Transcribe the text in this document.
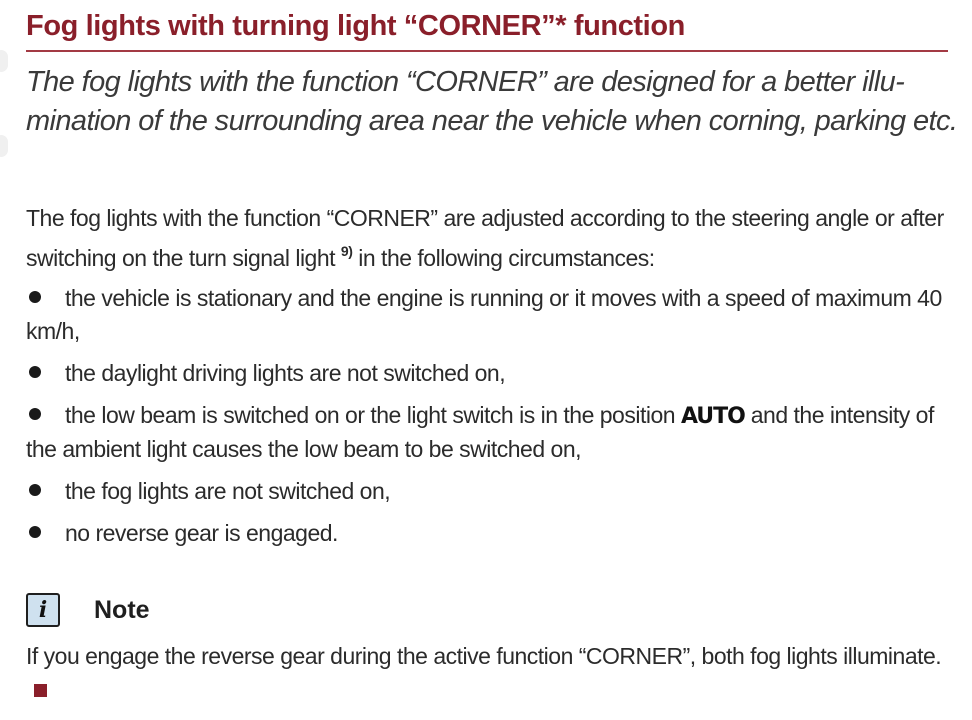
Fog lights with turning light “CORNER”* function

The fog lights with the function “CORNER” are designed for a better illu-mination of the surrounding area near the vehicle when corning, parking etc.

The fog lights with the function “CORNER” are adjusted according to the steering angle or after switching on the turn signal light $^{9)}$ in the following circumstances:

the vehicle is stationary and the engine is running or it moves with a speed of maximum 40 km/h,
the daylight driving lights are not switched on,
the low beam is switched on or the light switch is in the position AUTO and the intensity of the ambient light causes the low beam to be switched on,
the fog lights are not switched on,
no reverse gear is engaged.
i	Note

If you engage the reverse gear during the active function “CORNER”, both fog lights illuminate.
